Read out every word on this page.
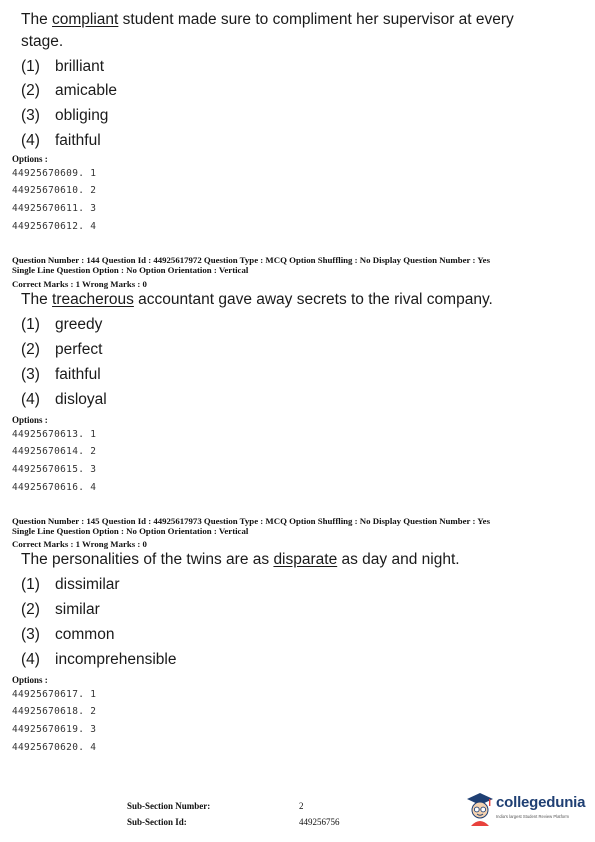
The compliant student made sure to compliment her supervisor at every stage.
(1) brilliant
(2) amicable
(3) obliging
(4) faithful
Options :
44925670609. 1
44925670610. 2
44925670611. 3
44925670612. 4
Question Number : 144 Question Id : 44925617972 Question Type : MCQ Option Shuffling : No Display Question Number : Yes
Single Line Question Option : No Option Orientation : Vertical
Correct Marks : 1 Wrong Marks : 0
The treacherous accountant gave away secrets to the rival company.
(1) greedy
(2) perfect
(3) faithful
(4) disloyal
Options :
44925670613. 1
44925670614. 2
44925670615. 3
44925670616. 4
Question Number : 145 Question Id : 44925617973 Question Type : MCQ Option Shuffling : No Display Question Number : Yes
Single Line Question Option : No Option Orientation : Vertical
Correct Marks : 1 Wrong Marks : 0
The personalities of the twins are as disparate as day and night.
(1) dissimilar
(2) similar
(3) common
(4) incomprehensible
Options :
44925670617. 1
44925670618. 2
44925670619. 3
44925670620. 4
Sub-Section Number:	2
Sub-Section Id:	449256756
collegedunia
India's largest Student Review Platform
